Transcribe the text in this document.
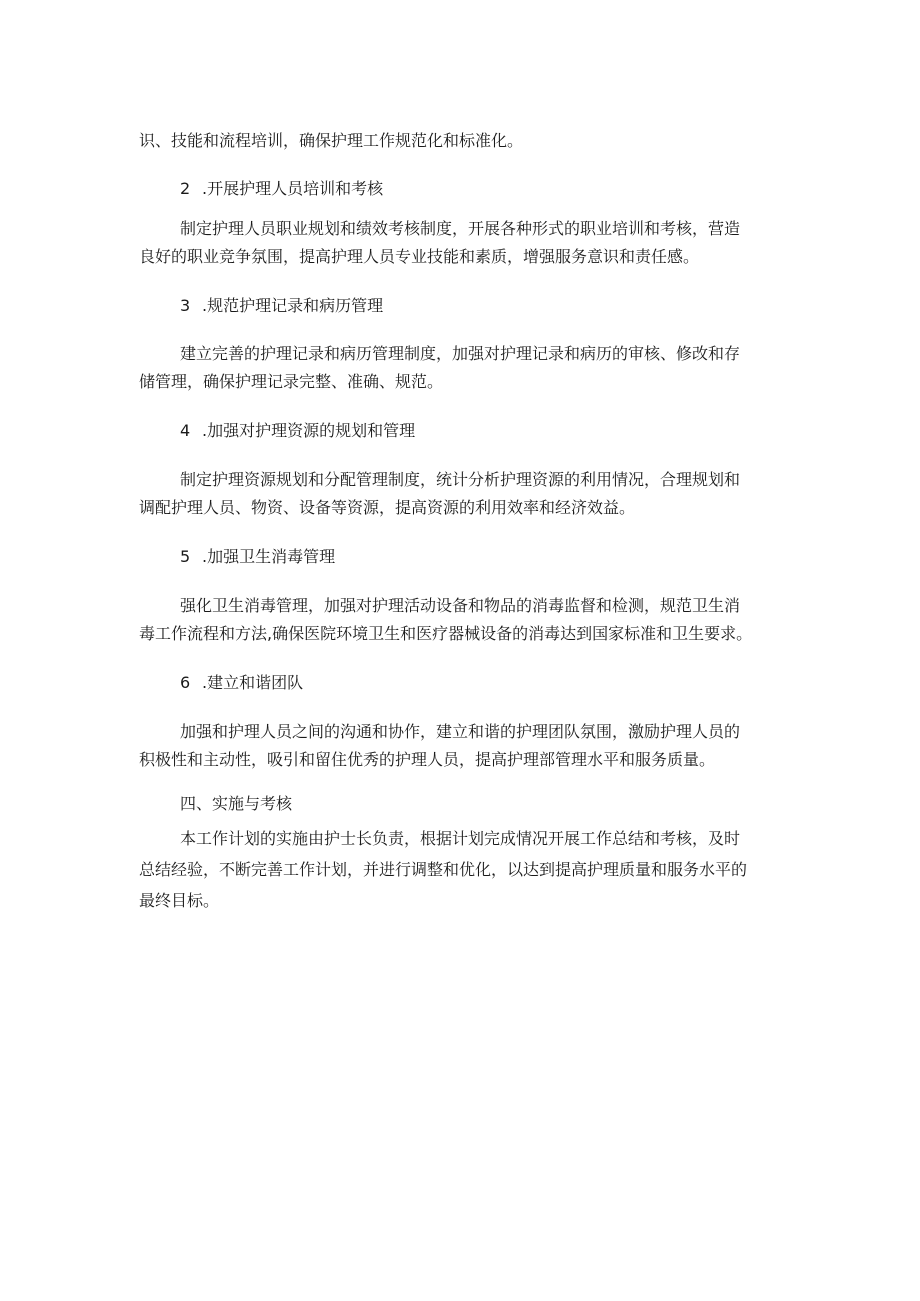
识、技能和流程培训，确保护理工作规范化和标准化。
2 .开展护理人员培训和考核
制定护理人员职业规划和绩效考核制度，开展各种形式的职业培训和考核，营造
良好的职业竞争氛围，提高护理人员专业技能和素质，增强服务意识和责任感。
3 .规范护理记录和病历管理
建立完善的护理记录和病历管理制度，加强对护理记录和病历的审核、修改和存
储管理，确保护理记录完整、准确、规范。
4 .加强对护理资源的规划和管理
制定护理资源规划和分配管理制度，统计分析护理资源的利用情况，合理规划和
调配护理人员、物资、设备等资源，提高资源的利用效率和经济效益。
5 .加强卫生消毒管理
强化卫生消毒管理，加强对护理活动设备和物品的消毒监督和检测，规范卫生消
毒工作流程和方法,确保医院环境卫生和医疗器械设备的消毒达到国家标准和卫生要求。
6 .建立和谐团队
加强和护理人员之间的沟通和协作，建立和谐的护理团队氛围，激励护理人员的
积极性和主动性，吸引和留住优秀的护理人员，提高护理部管理水平和服务质量。
四、实施与考核
本工作计划的实施由护士长负责，根据计划完成情况开展工作总结和考核，及时
总结经验，不断完善工作计划，并进行调整和优化，以达到提高护理质量和服务水平的
最终目标。
